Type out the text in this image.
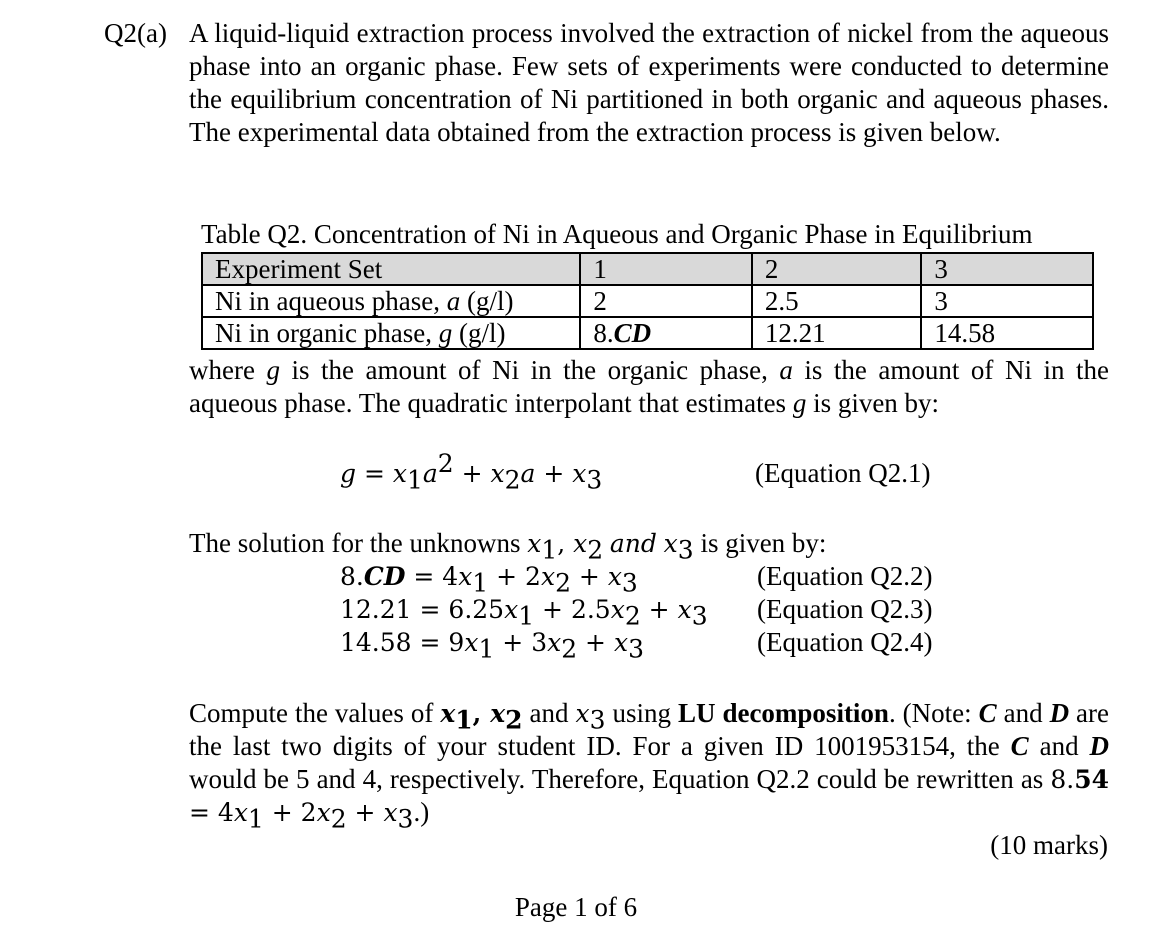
Q2(a) A liquid-liquid extraction process involved the extraction of nickel from the aqueous phase into an organic phase. Few sets of experiments were conducted to determine the equilibrium concentration of Ni partitioned in both organic and aqueous phases. The experimental data obtained from the extraction process is given below.
Table Q2. Concentration of Ni in Aqueous and Organic Phase in Equilibrium
Experiment Set	1	2	3
Ni in aqueous phase, a (g/l)	2	2.5	3
Ni in organic phase, g (g/l)	8.CD	12.21	14.58
where g is the amount of Ni in the organic phase, a is the amount of Ni in the aqueous phase. The quadratic interpolant that estimates g is given by:
$g = x_1a^2 + x_2a + x_3$	(Equation Q2.1)
The solution for the unknowns $x_1$, $x_2$ and $x_3$ is given by:
$8.CD = 4x_1 + 2x_2 + x_3$	(Equation Q2.2)
$12.21 = 6.25x_1 + 2.5x_2 + x_3$ (Equation Q2.3)
$14.58 = 9x_1 + 3x_2 + x_3$	(Equation Q2.4)
Compute the values of $x_1$, $x_2$ and $x_3$ using LU decomposition. (Note: C and D are the last two digits of your student ID. For a given ID 1001953154, the C and D would be 5 and 4, respectively. Therefore, Equation Q2.2 could be rewritten as $8.54 = 4x_1 + 2x_2 + x_3$.)
(10 marks)
Page 1 of 6
